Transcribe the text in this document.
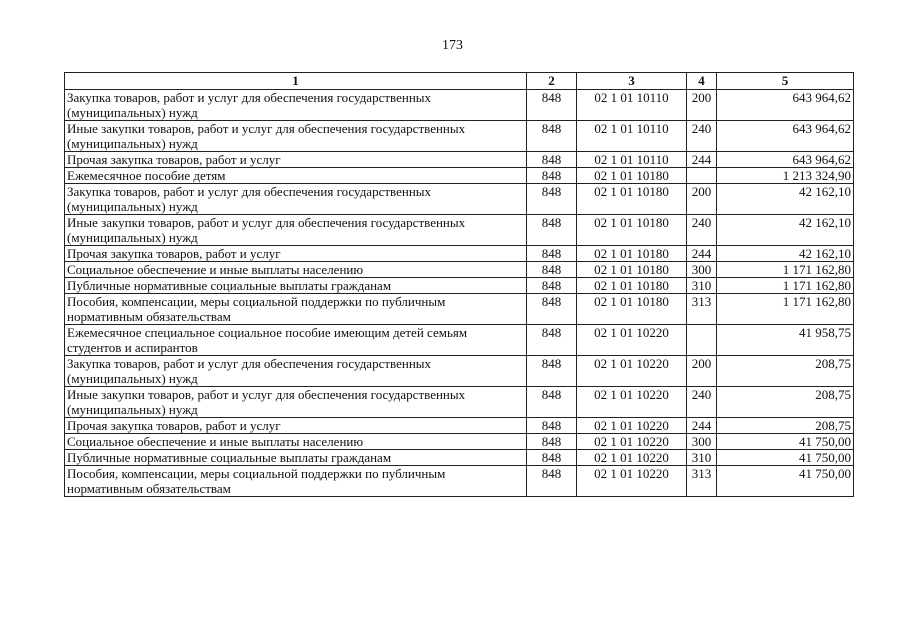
173
1	2	3	4	5
Закупка товаров, работ и услуг для обеспечения государственных (муниципальных) нужд	848	02 1 01 10110	200	643 964,62
Иные закупки товаров, работ и услуг для обеспечения государственных (муниципальных) нужд	848	02 1 01 10110	240	643 964,62
Прочая закупка товаров, работ и услуг	848	02 1 01 10110	244	643 964,62
Ежемесячное пособие детям	848	02 1 01 10180		1 213 324,90
Закупка товаров, работ и услуг для обеспечения государственных (муниципальных) нужд	848	02 1 01 10180	200	42 162,10
Иные закупки товаров, работ и услуг для обеспечения государственных (муниципальных) нужд	848	02 1 01 10180	240	42 162,10
Прочая закупка товаров, работ и услуг	848	02 1 01 10180	244	42 162,10
Социальное обеспечение и иные выплаты населению	848	02 1 01 10180	300	1 171 162,80
Публичные нормативные социальные выплаты гражданам	848	02 1 01 10180	310	1 171 162,80
Пособия, компенсации, меры социальной поддержки по публичным нормативным обязательствам	848	02 1 01 10180	313	1 171 162,80
Ежемесячное специальное социальное пособие имеющим детей семьям студентов и аспирантов	848	02 1 01 10220		41 958,75
Закупка товаров, работ и услуг для обеспечения государственных (муниципальных) нужд	848	02 1 01 10220	200	208,75
Иные закупки товаров, работ и услуг для обеспечения государственных (муниципальных) нужд	848	02 1 01 10220	240	208,75
Прочая закупка товаров, работ и услуг	848	02 1 01 10220	244	208,75
Социальное обеспечение и иные выплаты населению	848	02 1 01 10220	300	41 750,00
Публичные нормативные социальные выплаты гражданам	848	02 1 01 10220	310	41 750,00
Пособия, компенсации, меры социальной поддержки по публичным нормативным обязательствам	848	02 1 01 10220	313	41 750,00
